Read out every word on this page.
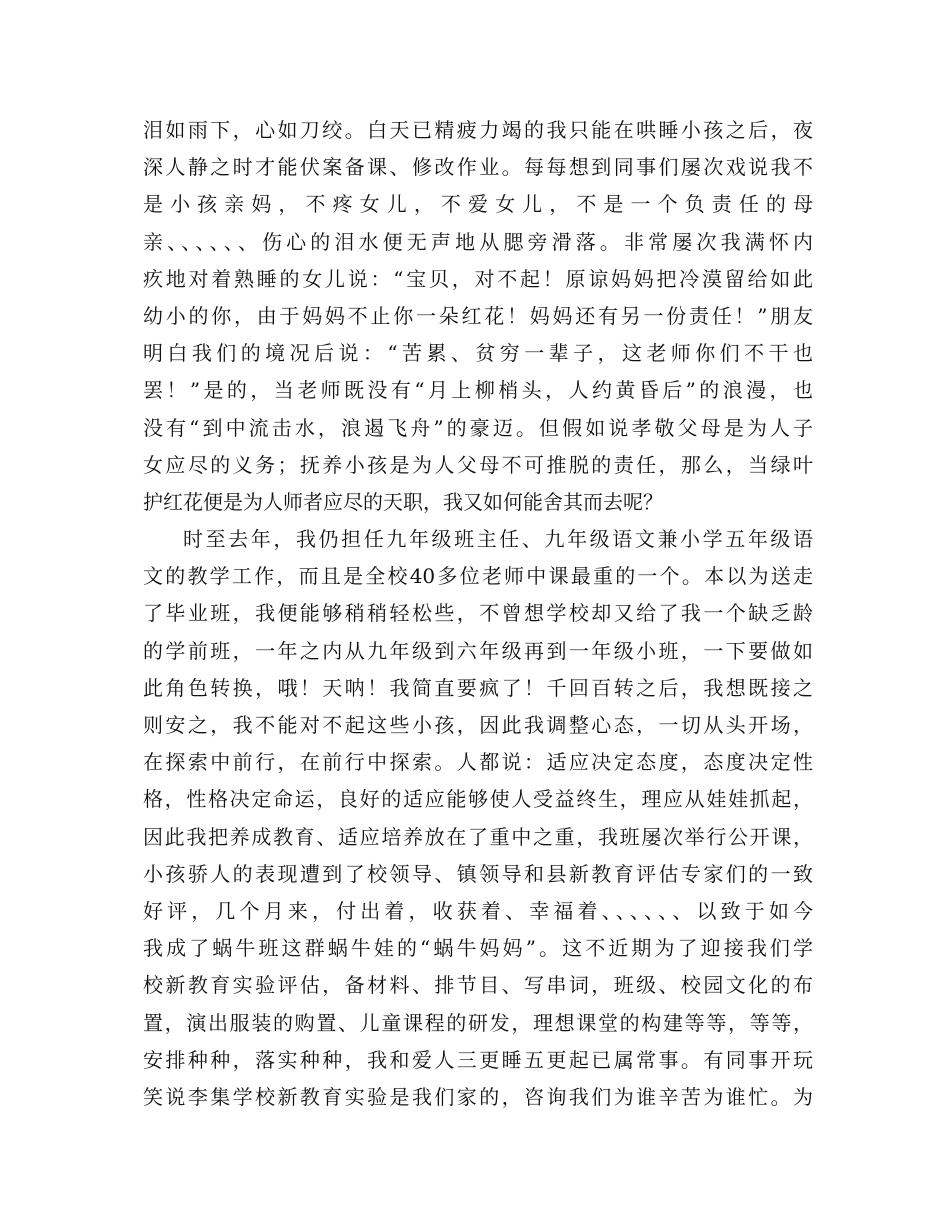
泪如雨下，心如刀绞。白天已精疲力竭的我只能在哄睡小孩之后，夜
深人静之时才能伏案备课、修改作业。每每想到同事们屡次戏说我不
是小孩亲妈，不疼女儿，不爱女儿，不是一个负责任的母
亲、、、、、、伤心的泪水便无声地从腮旁滑落。非常屡次我满怀内
疚地对着熟睡的女儿说：“宝贝，对不起！原谅妈妈把冷漠留给如此
幼小的你，由于妈妈不止你一朵红花！妈妈还有另一份责任！”朋友
明白我们的境况后说：“苦累、贫穷一辈子，这老师你们不干也
罢！”是的，当老师既没有“月上柳梢头，人约黄昏后”的浪漫，也
没有“到中流击水，浪遏飞舟”的豪迈。但假如说孝敬父母是为人子
女应尽的义务；抚养小孩是为人父母不可推脱的责任，那么，当绿叶
护红花便是为人师者应尽的天职，我又如何能舍其而去呢？
时至去年，我仍担任九年级班主任、九年级语文兼小学五年级语
文的教学工作，而且是全校40多位老师中课最重的一个。本以为送走
了毕业班，我便能够稍稍轻松些，不曾想学校却又给了我一个缺乏龄
的学前班，一年之内从九年级到六年级再到一年级小班，一下要做如
此角色转换，哦！天呐！我简直要疯了！千回百转之后，我想既接之
则安之，我不能对不起这些小孩，因此我调整心态，一切从头开场，
在探索中前行，在前行中探索。人都说：适应决定态度，态度决定性
格，性格决定命运，良好的适应能够使人受益终生，理应从娃娃抓起，
因此我把养成教育、适应培养放在了重中之重，我班屡次举行公开课，
小孩骄人的表现遭到了校领导、镇领导和县新教育评估专家们的一致
好评，几个月来，付出着，收获着、幸福着、、、、、、以致于如今
我成了蜗牛班这群蜗牛娃的“蜗牛妈妈”。这不近期为了迎接我们学
校新教育实验评估，备材料、排节目、写串词，班级、校园文化的布
置，演出服装的购置、儿童课程的研发，理想课堂的构建等等，等等，
安排种种，落实种种，我和爱人三更睡五更起已属常事。有同事开玩
笑说李集学校新教育实验是我们家的，咨询我们为谁辛苦为谁忙。为
